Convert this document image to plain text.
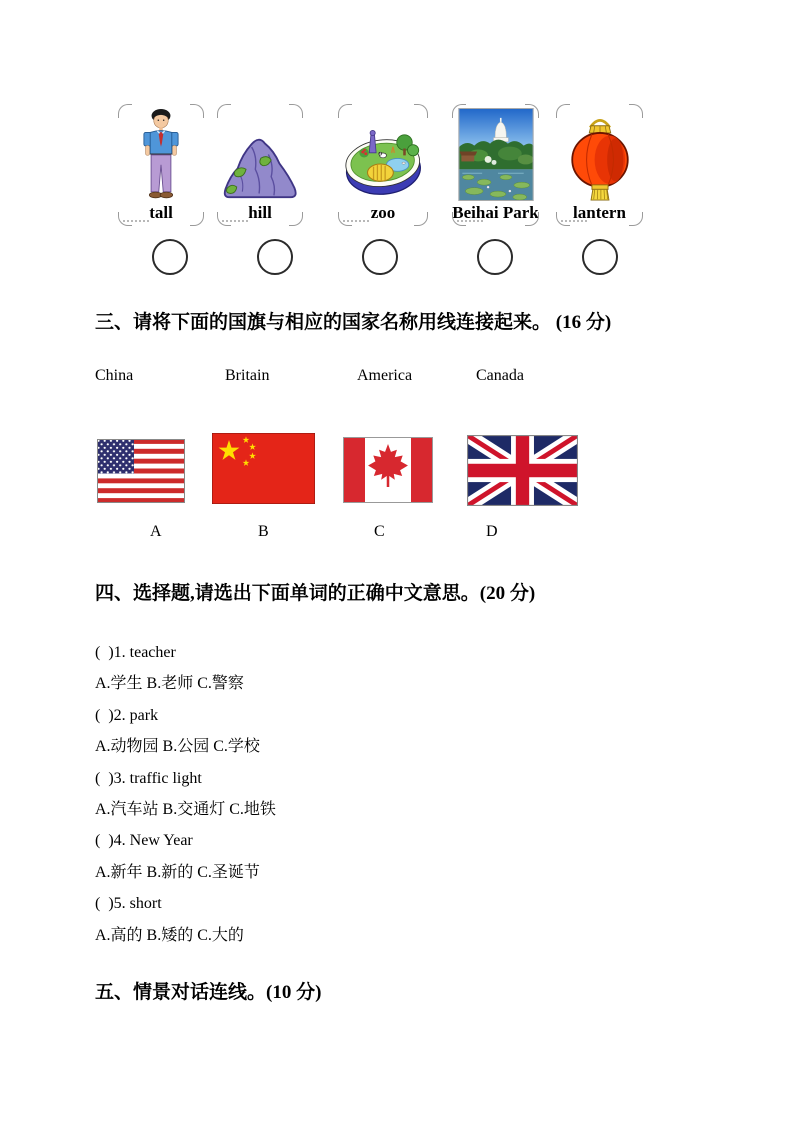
tall	hill	zoo	Beihai Park lantern
三、请将下面的国旗与相应的国家名称用线连接起来。 (16 分)
China	Britain	America	Canada
A	B	C	D
四、选择题,请选出下面单词的正确中文意思。(20 分)
(  )1. teacher
A.学生 B.老师 C.警察
(  )2. park
A.动物园 B.公园 C.学校
(  )3. traffic light
A.汽车站 B.交通灯 C.地铁
(  )4. New Year
A.新年 B.新的 C.圣诞节
(  )5. short
A.高的 B.矮的 C.大的
五、情景对话连线。(10 分)
